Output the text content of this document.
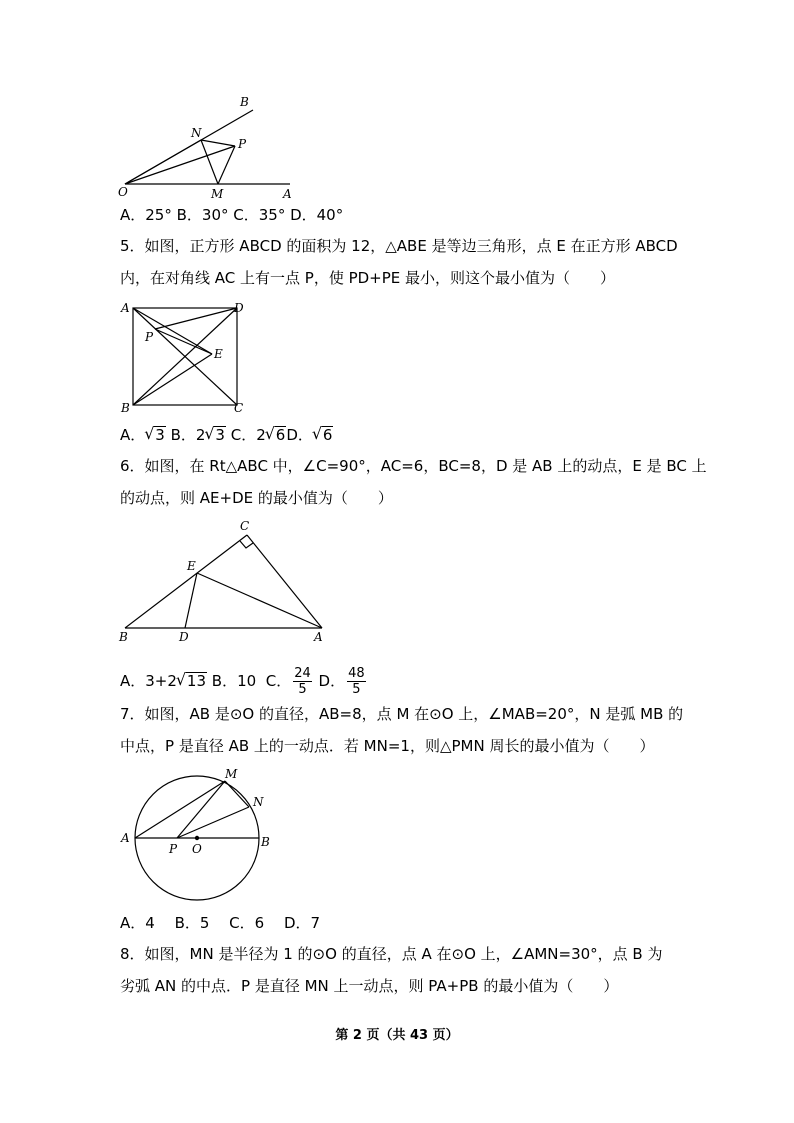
O	A
B
N
P
M
A．25° B．30° C．35° D．40°
5．如图，正方形 ABCD 的面积为 12，△ABE 是等边三角形，点 E 在正方形 ABCD
内，在对角线 AC 上有一点 P，使 PD+PE 最小，则这个最小值为（　　）
A	D
B	C
P
E
A． √ 3 B．2 √ 3 C．2 √ 6D． √ 6
6．如图，在 Rt△ABC 中，∠C=90°，AC=6，BC=8，D 是 AB 上的动点，E 是 BC 上
的动点，则 AE+DE 的最小值为（　　）
B	D	A
C
E
A．3+2 √ 13 B．10 C． $\frac{24}{5}$ D． $\frac{48}{5}$
7．如图，AB 是⊙O 的直径，AB=8，点 M 在⊙O 上，∠MAB=20°，N 是弧 MB 的
中点，P 是直径 AB 上的一动点．若 MN=1，则△PMN 周长的最小值为（　　）
A	B
M
N
P O
A．4　 B．5　 C．6　 D．7
8．如图，MN 是半径为 1 的⊙O 的直径，点 A 在⊙O 上，∠AMN=30°，点 B 为
劣弧 AN 的中点．P 是直径 MN 上一动点，则 PA+PB 的最小值为（　　）
第 2 页（共 43 页）
